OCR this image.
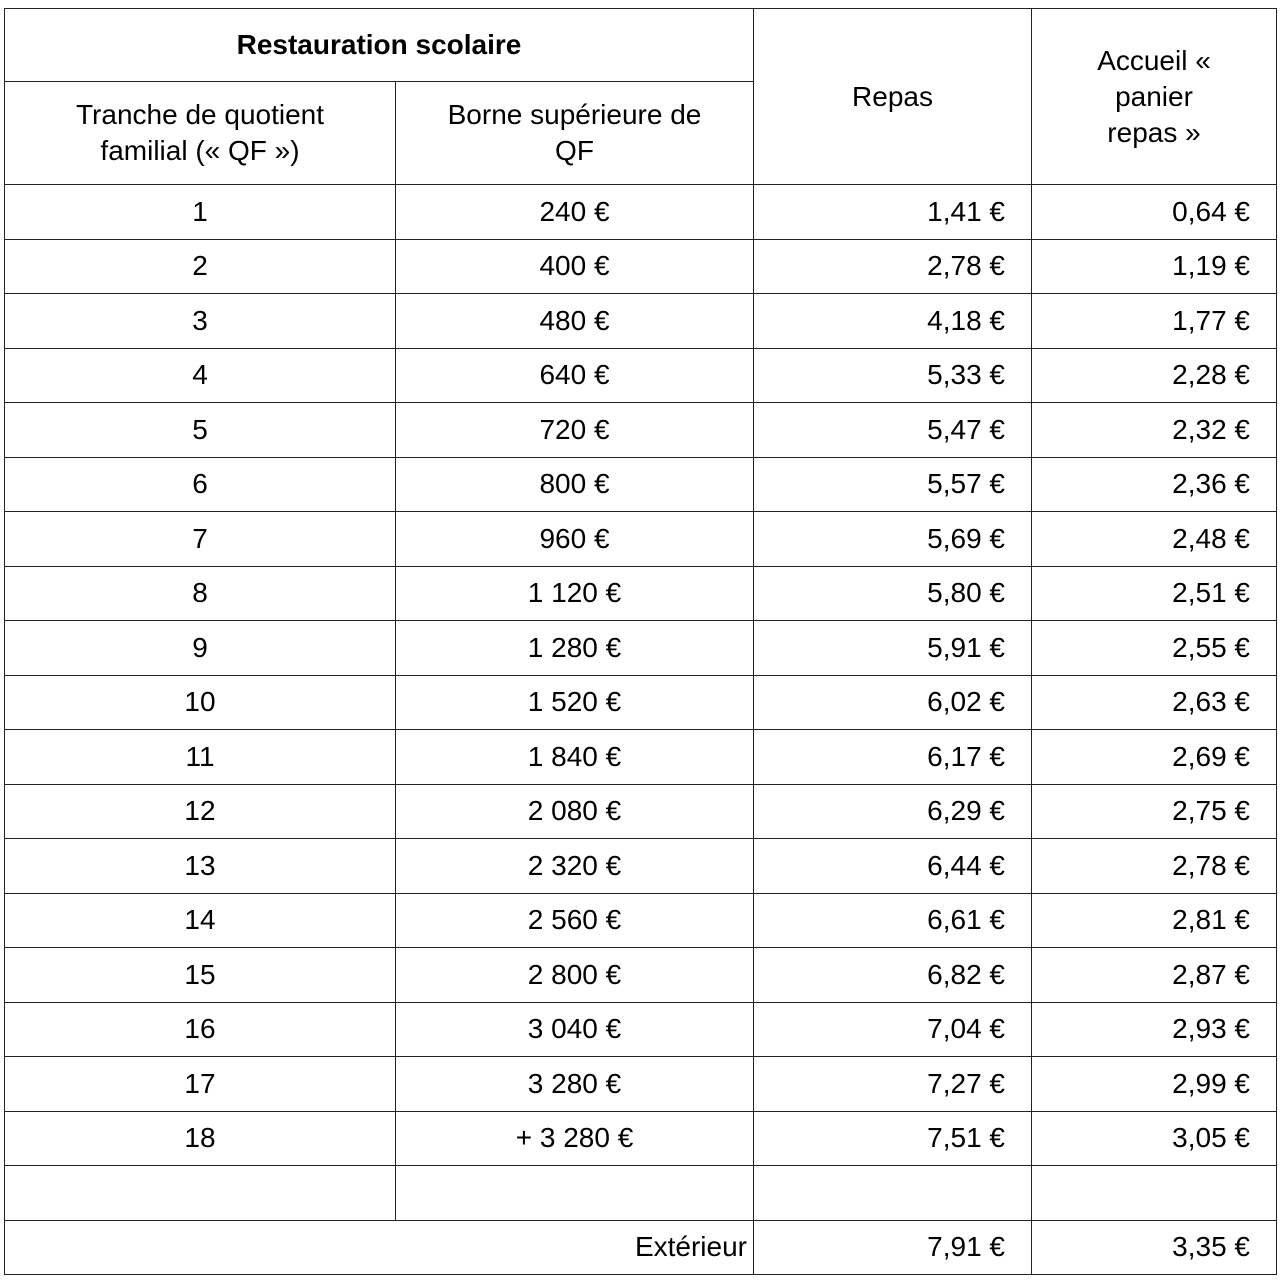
Restauration scolaire		Repas	Accueil « panier repas »

Tranche de quotient familial (« QF »)	Borne supérieure de QF		

1	240 €	1,41 €	0,64 €
2	400 €	2,78 €	1,19 €
3	480 €	4,18 €	1,77 €
4	640 €	5,33 €	2,28 €
5	720 €	5,47 €	2,32 €
6	800 €	5,57 €	2,36 €
7	960 €	5,69 €	2,48 €
8	1 120 €	5,80 €	2,51 €
9	1 280 €	5,91 €	2,55 €
10	1 520 €	6,02 €	2,63 €
11	1 840 €	6,17 €	2,69 €
12	2 080 €	6,29 €	2,75 €
13	2 320 €	6,44 €	2,78 €
14	2 560 €	6,61 €	2,81 €
15	2 800 €	6,82 €	2,87 €
16	3 040 €	7,04 €	2,93 €
17	3 280 €	7,27 €	2,99 €
18	+ 3 280 €	7,51 €	3,05 €

Extérieur		7,91 €	3,35 €
